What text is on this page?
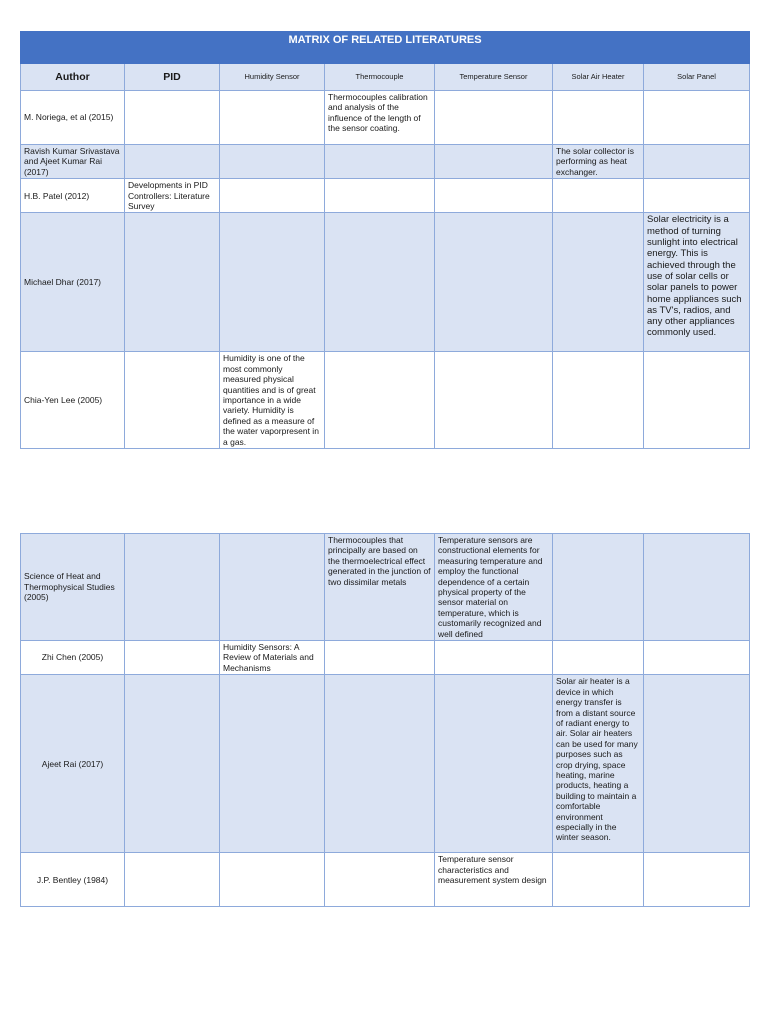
MATRIX OF RELATED LITERATURES						
Author	PID	Humidity Sensor	Thermocouple	Temperature Sensor	Solar Air Heater	Solar Panel
M. Noriega, et al (2015)			Thermocouples calibration and analysis of the influence of the length of the sensor coating.			
Ravish Kumar Srivastava and Ajeet Kumar Rai (2017)					The solar collector is performing as heat exchanger.	
H.B. Patel (2012)	Developments in PID Controllers: Literature Survey					
Michael Dhar (2017)						Solar electricity is a method of turning sunlight into electrical energy. This is achieved through the use of solar cells or solar panels to power home appliances such as TV's, radios, and any other appliances commonly used.
Chia-Yen Lee (2005)		Humidity is one of the most commonly measured physical quantities and is of great importance in a wide variety. Humidity is defined as a measure of the water vaporpresent in a gas.				
Science of Heat and Thermophysical Studies (2005)			Thermocouples that principally are based on the thermoelectrical effect generated in the junction of two dissimilar metals	Temperature sensors are constructional elements for measuring temperature and employ the functional dependence of a certain physical property of the sensor material on temperature, which is customarily recognized and well defined		
Zhi Chen (2005)		Humidity Sensors: A Review of Materials and Mechanisms				
Ajeet Rai (2017)					Solar air heater is a device in which energy transfer is from a distant source of radiant energy to air. Solar air heaters can be used for many purposes such as crop drying, space heating, marine products, heating a building to maintain a comfortable environment especially in the winter season.	
J.P. Bentley (1984)				Temperature sensor characteristics and measurement system design		
